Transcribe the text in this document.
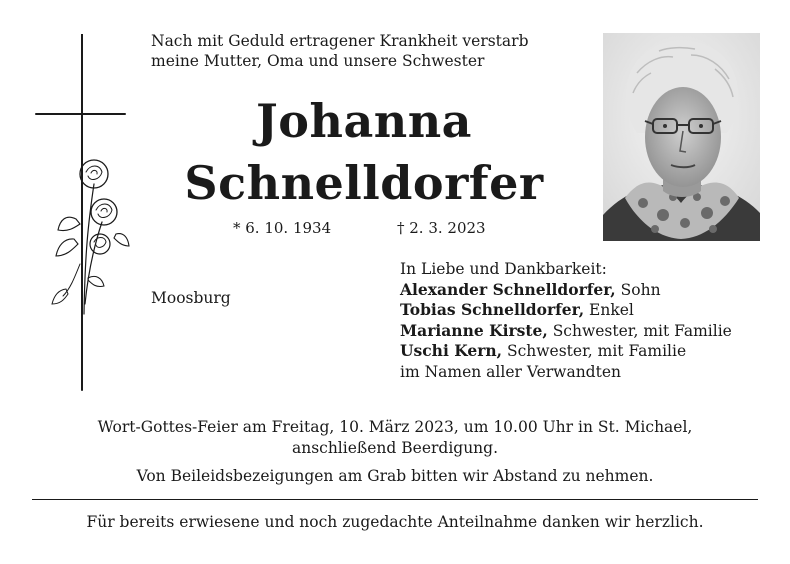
Nach mit Geduld ertragener Krankheit verstarb
meine Mutter, Oma und unsere Schwester
Johanna
Schnelldorfer
* 6. 10. 1934	† 2. 3. 2023
Moosburg
In Liebe und Dankbarkeit:
Alexander Schnelldorfer, Sohn
Tobias Schnelldorfer, Enkel
Marianne Kirste, Schwester, mit Familie
Uschi Kern, Schwester, mit Familie
im Namen aller Verwandten
Wort-Gottes-Feier am Freitag, 10. März 2023, um 10.00 Uhr in St. Michael,
anschließend Beerdigung.
Von Beileidsbezeigungen am Grab bitten wir Abstand zu nehmen.
Für bereits erwiesene und noch zugedachte Anteilnahme danken wir herzlich.
